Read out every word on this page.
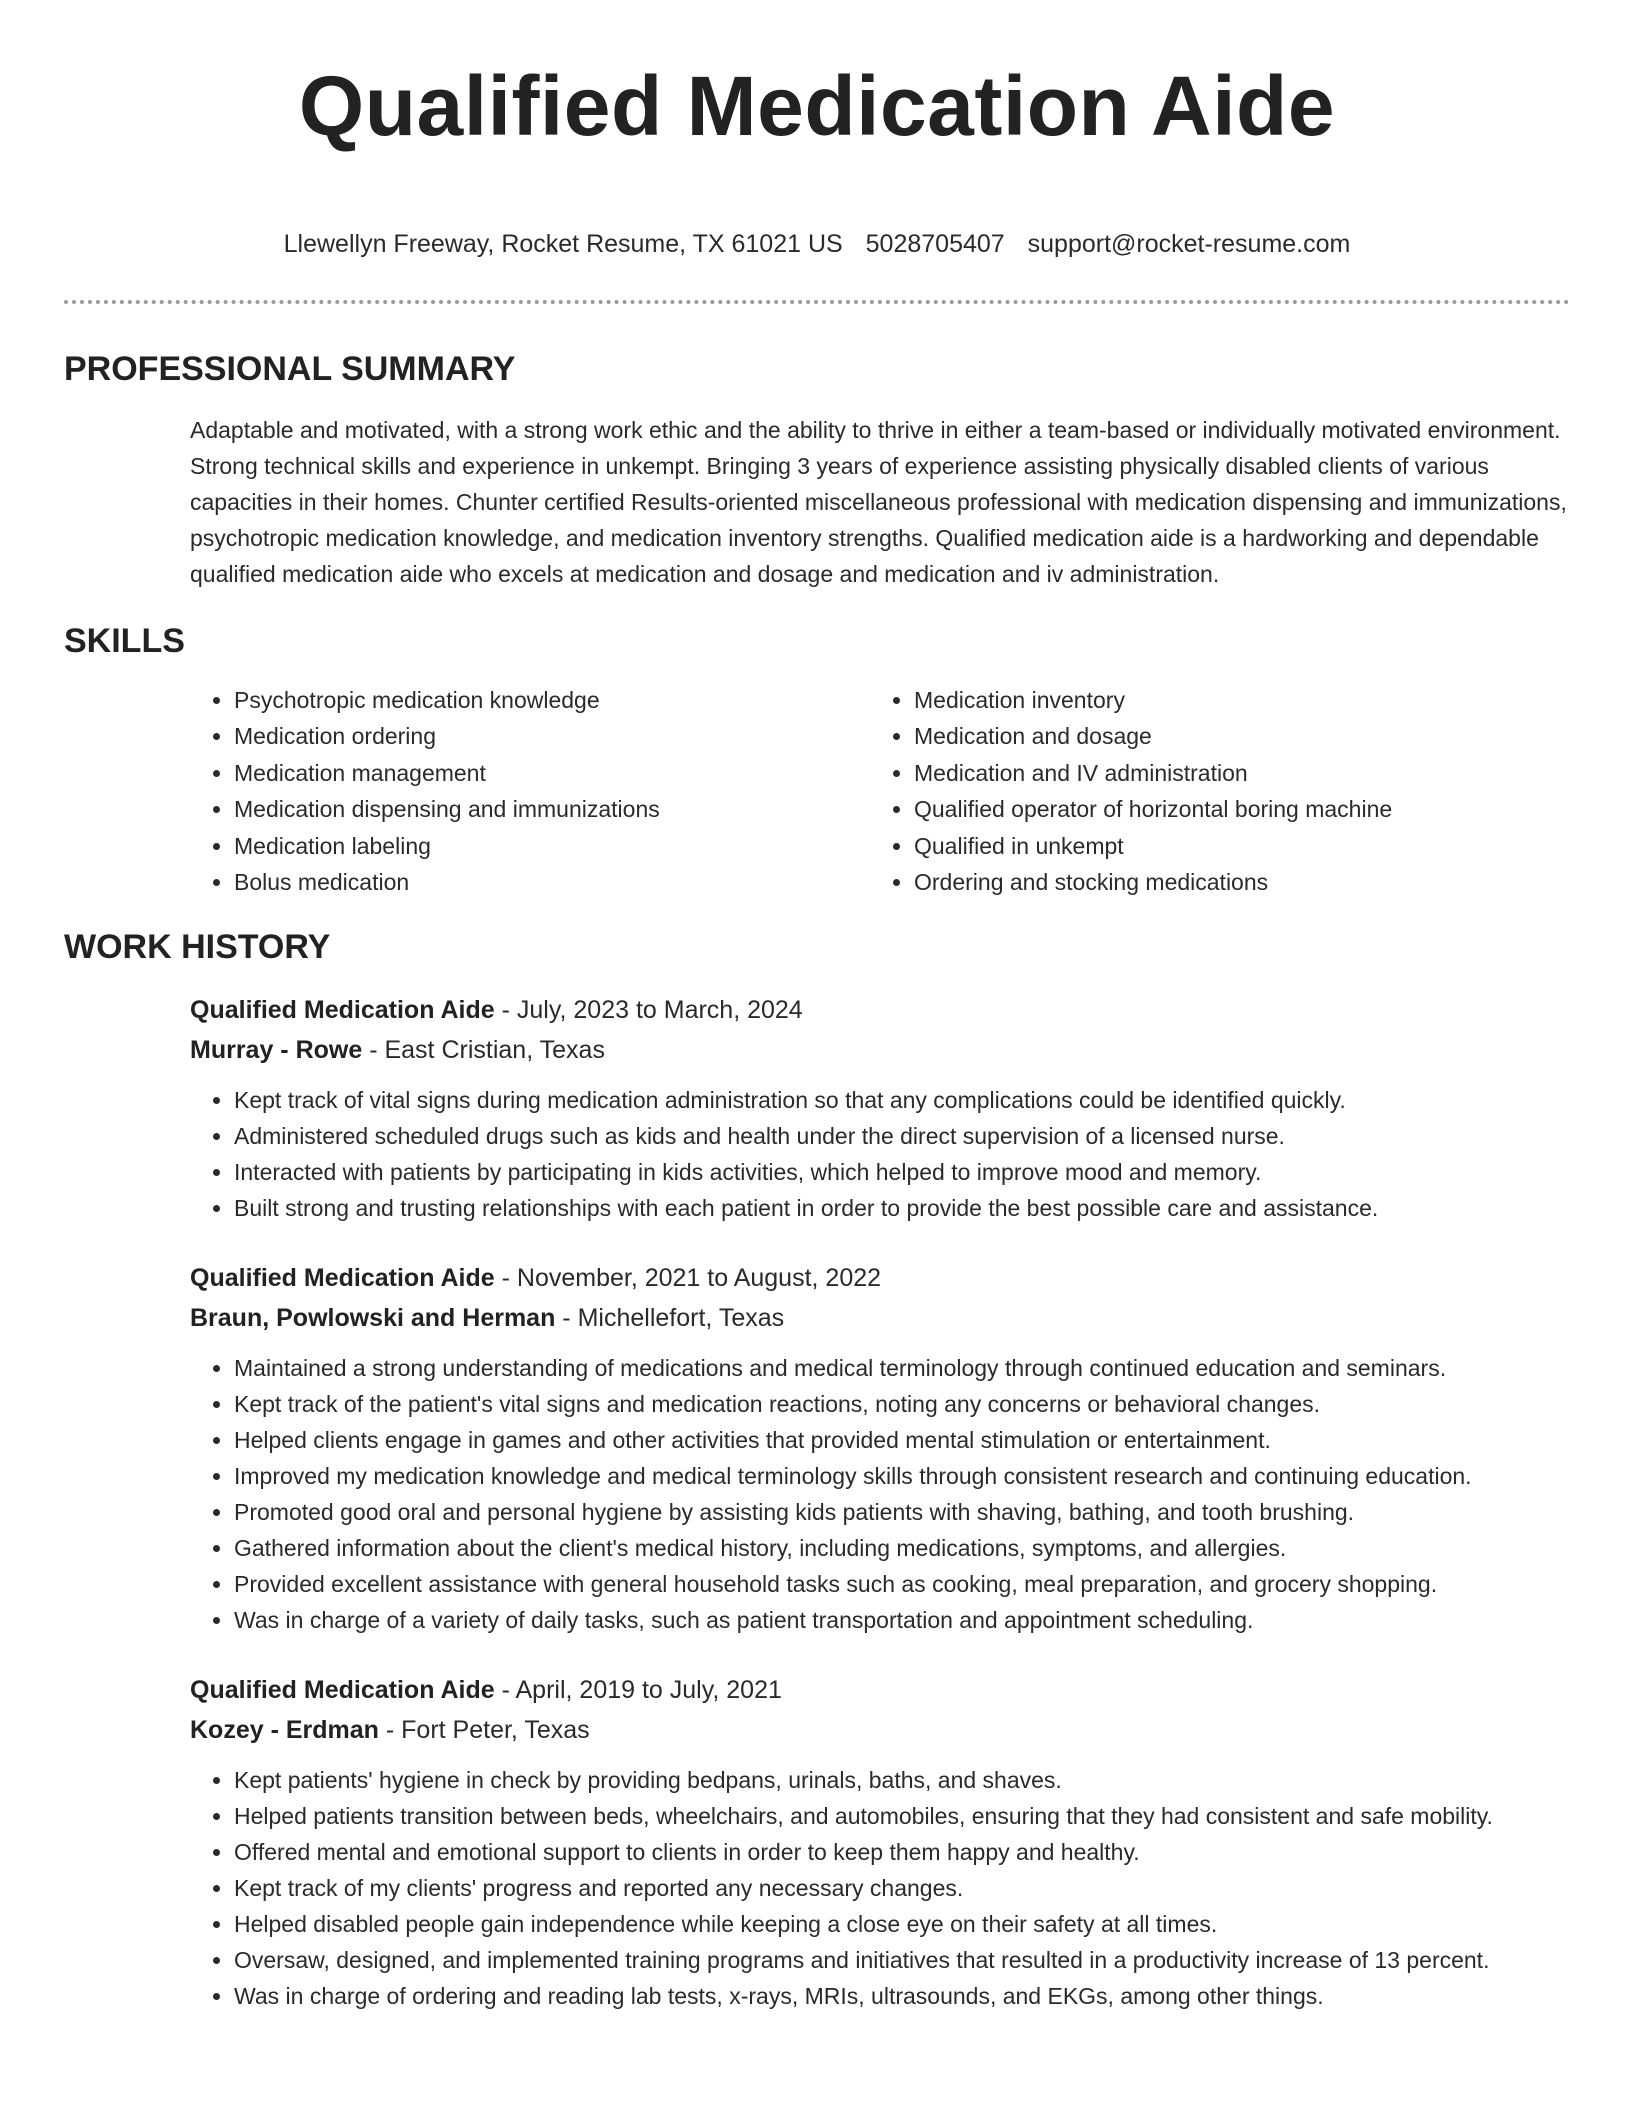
Qualified Medication Aide
Llewellyn Freeway, Rocket Resume, TX 61021 US 5028705407 support@rocket-resume.com
PROFESSIONAL SUMMARY

Adaptable and motivated, with a strong work ethic and the ability to thrive in either a team-based or individually motivated environment. Strong technical skills and experience in unkempt. Bringing 3 years of experience assisting physically disabled clients of various capacities in their homes. Chunter certified Results-oriented miscellaneous professional with medication dispensing and immunizations, psychotropic medication knowledge, and medication inventory strengths. Qualified medication aide is a hardworking and dependable qualified medication aide who excels at medication and dosage and medication and iv administration.

SKILLS
• Psychotropic medication knowledge
• Medication ordering
• Medication management
• Medication dispensing and immunizations
• Medication labeling
• Bolus medication
• Medication inventory
• Medication and dosage
• Medication and IV administration
• Qualified operator of horizontal boring machine
• Qualified in unkempt
• Ordering and stocking medications
WORK HISTORY
Qualified Medication Aide - July, 2023 to March, 2024
Murray - Rowe - East Cristian, Texas
• Kept track of vital signs during medication administration so that any complications could be identified quickly.
• Administered scheduled drugs such as kids and health under the direct supervision of a licensed nurse.
• Interacted with patients by participating in kids activities, which helped to improve mood and memory.
• Built strong and trusting relationships with each patient in order to provide the best possible care and assistance.
Qualified Medication Aide - November, 2021 to August, 2022
Braun, Powlowski and Herman - Michellefort, Texas
• Maintained a strong understanding of medications and medical terminology through continued education and seminars.
• Kept track of the patient's vital signs and medication reactions, noting any concerns or behavioral changes.
• Helped clients engage in games and other activities that provided mental stimulation or entertainment.
• Improved my medication knowledge and medical terminology skills through consistent research and continuing education.
• Promoted good oral and personal hygiene by assisting kids patients with shaving, bathing, and tooth brushing.
• Gathered information about the client's medical history, including medications, symptoms, and allergies.
• Provided excellent assistance with general household tasks such as cooking, meal preparation, and grocery shopping.
• Was in charge of a variety of daily tasks, such as patient transportation and appointment scheduling.
Qualified Medication Aide - April, 2019 to July, 2021
Kozey - Erdman - Fort Peter, Texas
• Kept patients' hygiene in check by providing bedpans, urinals, baths, and shaves.
• Helped patients transition between beds, wheelchairs, and automobiles, ensuring that they had consistent and safe mobility.
• Offered mental and emotional support to clients in order to keep them happy and healthy.
• Kept track of my clients' progress and reported any necessary changes.
• Helped disabled people gain independence while keeping a close eye on their safety at all times.
• Oversaw, designed, and implemented training programs and initiatives that resulted in a productivity increase of 13 percent.
• Was in charge of ordering and reading lab tests, x-rays, MRIs, ultrasounds, and EKGs, among other things.
